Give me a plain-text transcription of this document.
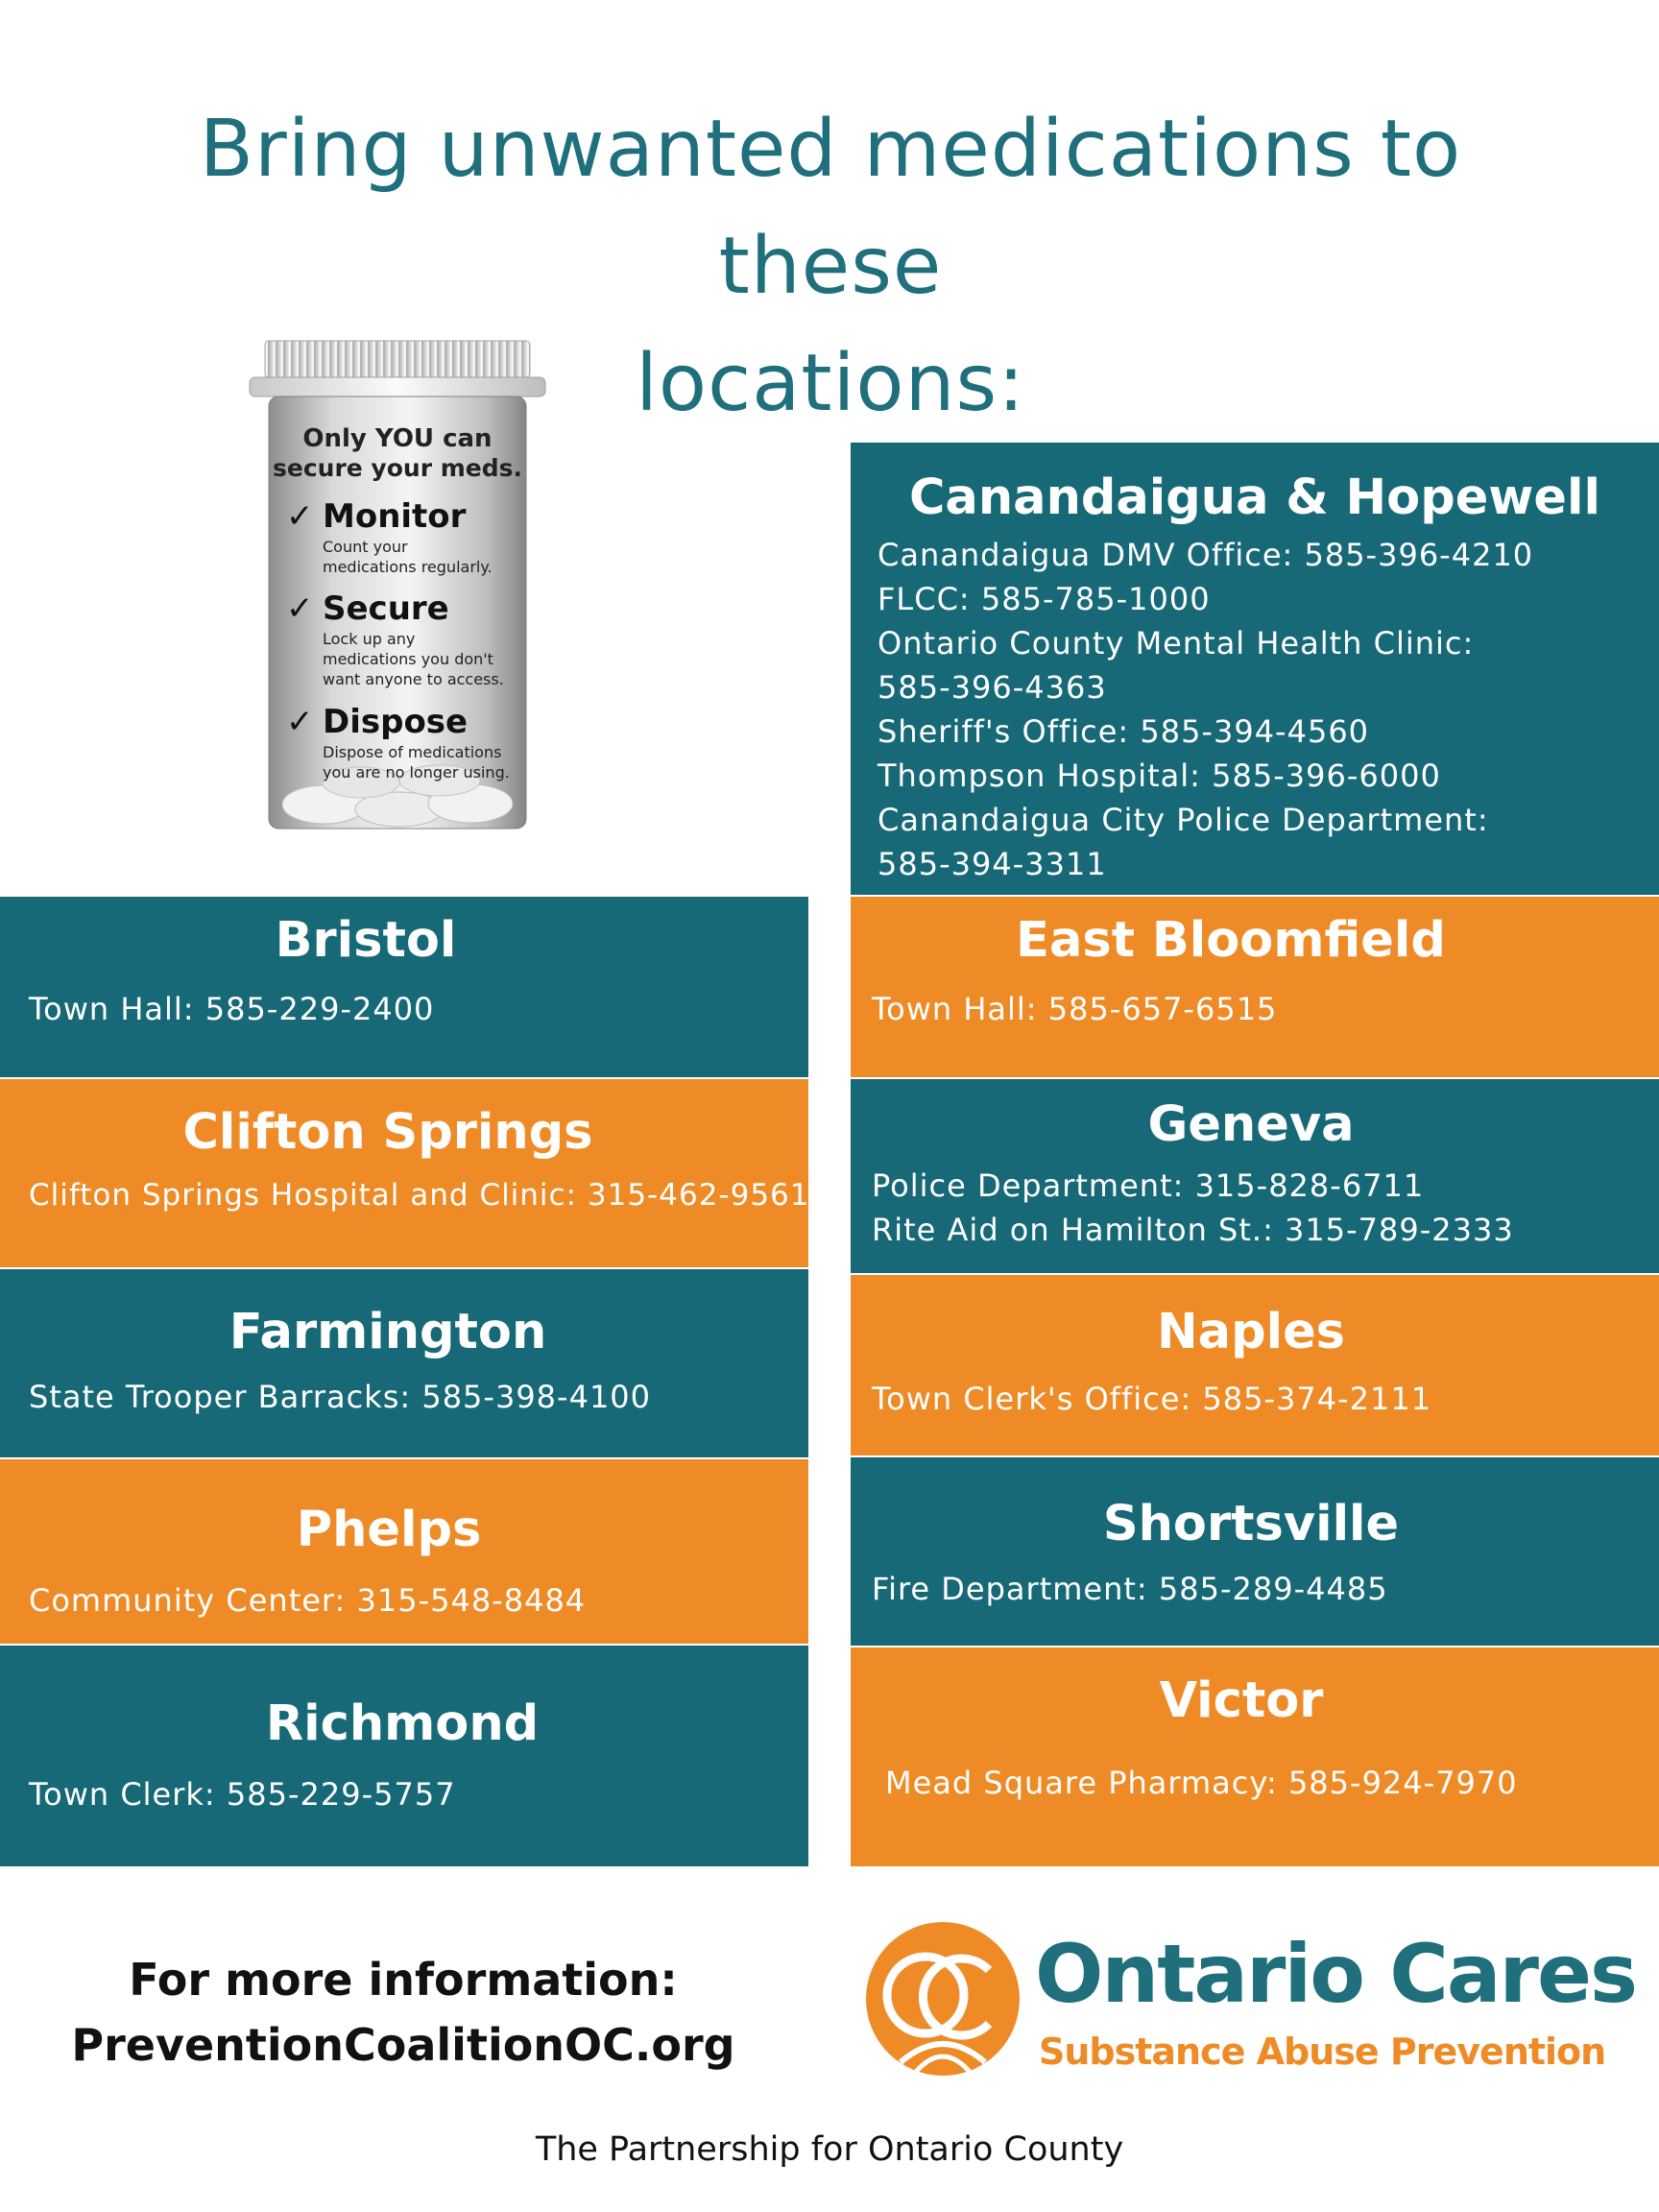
Bring unwanted medications to these
locations:
Only YOU can
secure your meds.
✓ Monitor
Count your
medications regularly.
✓ Secure
Lock up any
medications you don't
want anyone to access.
✓ Dispose
Dispose of medications
you are no longer using.
Canandaigua & Hopewell
Canandaigua DMV Office: 585-396-4210
FLCC: 585-785-1000
Ontario County Mental Health Clinic:
585-396-4363
Sheriff's Office: 585-394-4560
Thompson Hospital: 585-396-6000
Canandaigua City Police Department:
585-394-3311
Bristol
Town Hall: 585-229-2400
Clifton Springs
Clifton Springs Hospital and Clinic: 315-462-9561
Farmington
State Trooper Barracks: 585-398-4100
Phelps
Community Center: 315-548-8484
Richmond
Town Clerk: 585-229-5757
East Bloomfield
Town Hall: 585-657-6515
Geneva
Police Department: 315-828-6711
Rite Aid on Hamilton St.: 315-789-2333
Naples
Town Clerk's Office: 585-374-2111
Shortsville
Fire Department: 585-289-4485
Victor
Mead Square Pharmacy: 585-924-7970
For more information:
PreventionCoalitionOC.org
Ontario Cares
Substance Abuse Prevention
The Partnership for Ontario County
